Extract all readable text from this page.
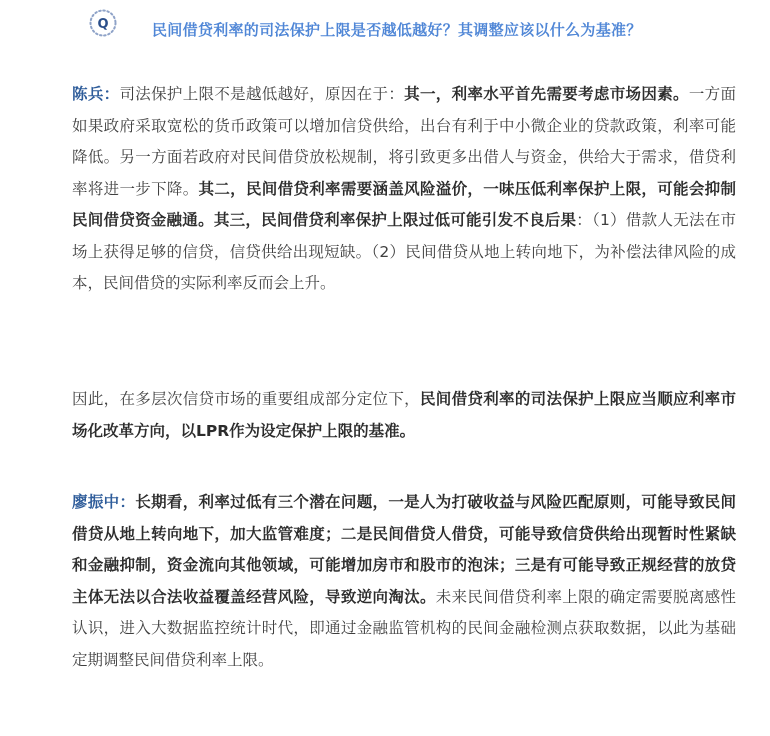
Q	民间借贷利率的司法保护上限是否越低越好？其调整应该以什么为基准？

陈兵：司法保护上限不是越低越好，原因在于：其一，利率水平首先需要考虑市场因素。一方面如果政府采取宽松的货币政策可以增加信贷供给，出台有利于中小微企业的贷款政策，利率可能降低。另一方面若政府对民间借贷放松规制，将引致更多出借人与资金，供给大于需求，借贷利率将进一步下降。其二，民间借贷利率需要涵盖风险溢价，一味压低利率保护上限，可能会抑制民间借贷资金融通。其三，民间借贷利率保护上限过低可能引发不良后果：（1）借款人无法在市场上获得足够的信贷，信贷供给出现短缺。（2）民间借贷从地上转向地下，为补偿法律风险的成本，民间借贷的实际利率反而会上升。

因此，在多层次信贷市场的重要组成部分定位下，民间借贷利率的司法保护上限应当顺应利率市场化改革方向，以LPR作为设定保护上限的基准。

廖振中：长期看，利率过低有三个潜在问题，一是人为打破收益与风险匹配原则，可能导致民间借贷从地上转向地下，加大监管难度；二是民间借贷人借贷，可能导致信贷供给出现暂时性紧缺和金融抑制，资金流向其他领域，可能增加房市和股市的泡沫；三是有可能导致正规经营的放贷主体无法以合法收益覆盖经营风险，导致逆向淘汰。未来民间借贷利率上限的确定需要脱离感性认识，进入大数据监控统计时代，即通过金融监管机构的民间金融检测点获取数据，以此为基础定期调整民间借贷利率上限。
